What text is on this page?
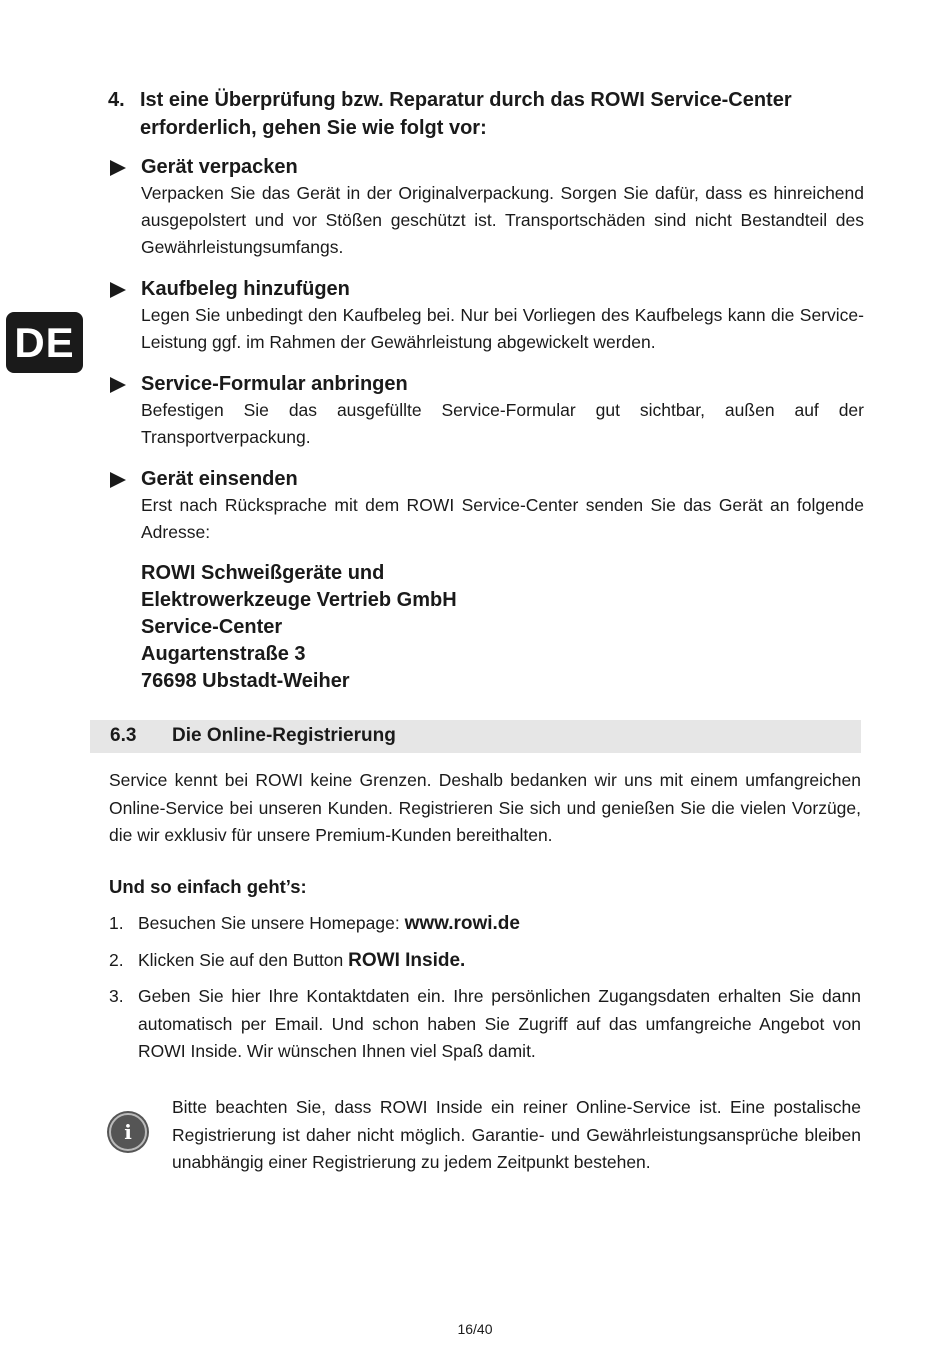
DE
4. Ist eine Überprüfung bzw. Reparatur durch das ROWI Service-Center erforderlich, gehen Sie wie folgt vor:
Gerät verpacken
Verpacken Sie das Gerät in der Originalverpackung. Sorgen Sie dafür, dass es hinreichend ausgepolstert und vor Stößen geschützt ist. Transportschäden sind nicht Bestandteil des Gewährleistungsumfangs.
Kaufbeleg hinzufügen
Legen Sie unbedingt den Kaufbeleg bei. Nur bei Vorliegen des Kaufbelegs kann die Service-Leistung ggf. im Rahmen der Gewährleistung abgewickelt werden.
Service-Formular anbringen
Befestigen Sie das ausgefüllte Service-Formular gut sichtbar, außen auf der Transportverpackung.
Gerät einsenden
Erst nach Rücksprache mit dem ROWI Service-Center senden Sie das Gerät an folgende Adresse:
ROWI Schweißgeräte und
Elektrowerkzeuge Vertrieb GmbH
Service-Center
Augartenstraße 3
76698 Ubstadt-Weiher
6.3 Die Online-Registrierung
Service kennt bei ROWI keine Grenzen. Deshalb bedanken wir uns mit einem umfangreichen Online-Service bei unseren Kunden. Registrieren Sie sich und genießen Sie die vielen Vorzüge, die wir exklusiv für unsere Premium-Kunden bereithalten.
Und so einfach geht’s:
1. Besuchen Sie unsere Homepage: www.rowi.de
2. Klicken Sie auf den Button ROWI Inside.
3. Geben Sie hier Ihre Kontaktdaten ein. Ihre persönlichen Zugangsdaten erhalten Sie dann automatisch per Email. Und schon haben Sie Zugriff auf das umfangreiche Angebot von ROWI Inside. Wir wünschen Ihnen viel Spaß damit.
i
Bitte beachten Sie, dass ROWI Inside ein reiner Online-Service ist. Eine postalische Registrierung ist daher nicht möglich. Garantie- und Gewährleistungsansprüche bleiben unabhängig einer Registrierung zu jedem Zeitpunkt bestehen.
16/40
